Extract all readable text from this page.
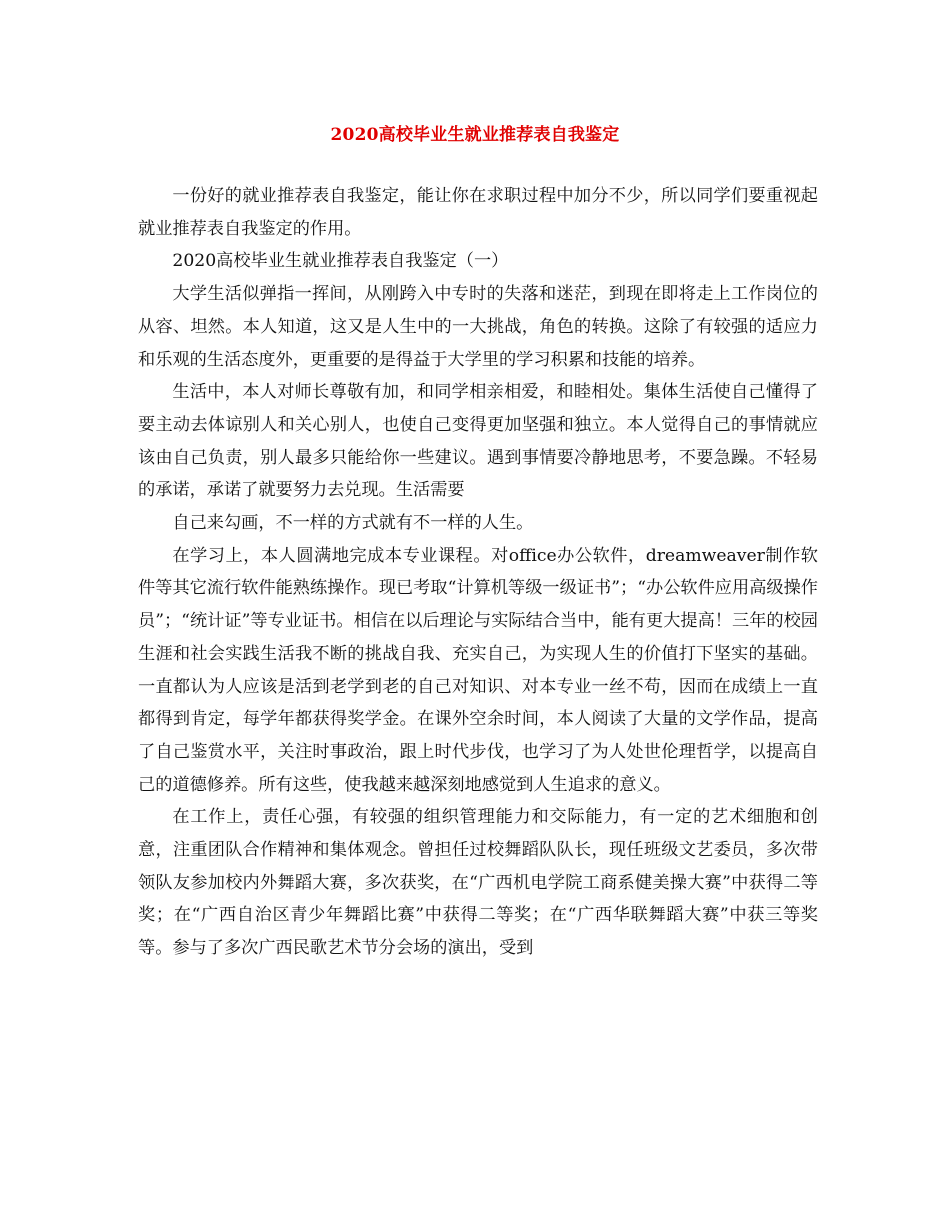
2020高校毕业生就业推荐表自我鉴定

一份好的就业推荐表自我鉴定，能让你在求职过程中加分不少，所以同学们要重视起就业推荐表自我鉴定的作用。

2020高校毕业生就业推荐表自我鉴定（一）

大学生活似弹指一挥间，从刚跨入中专时的失落和迷茫，到现在即将走上工作岗位的从容、坦然。本人知道，这又是人生中的一大挑战，角色的转换。这除了有较强的适应力和乐观的生活态度外，更重要的是得益于大学里的学习积累和技能的培养。

生活中，本人对师长尊敬有加，和同学相亲相爱，和睦相处。集体生活使自己懂得了要主动去体谅别人和关心别人，也使自己变得更加坚强和独立。本人觉得自己的事情就应该由自己负责，别人最多只能给你一些建议。遇到事情要冷静地思考，不要急躁。不轻易的承诺，承诺了就要努力去兑现。生活需要

自己来勾画，不一样的方式就有不一样的人生。

在学习上，本人圆满地完成本专业课程。对office办公软件，dreamweaver制作软件等其它流行软件能熟练操作。现已考取“计算机等级一级证书”；“办公软件应用高级操作员”；“统计证”等专业证书。相信在以后理论与实际结合当中，能有更大提高！三年的校园生涯和社会实践生活我不断的挑战自我、充实自己，为实现人生的价值打下坚实的基础。一直都认为人应该是活到老学到老的自己对知识、对本专业一丝不苟，因而在成绩上一直都得到肯定，每学年都获得奖学金。在课外空余时间，本人阅读了大量的文学作品，提高了自己鉴赏水平，关注时事政治，跟上时代步伐，也学习了为人处世伦理哲学，以提高自己的道德修养。所有这些，使我越来越深刻地感觉到人生追求的意义。

在工作上，责任心强，有较强的组织管理能力和交际能力，有一定的艺术细胞和创意，注重团队合作精神和集体观念。曾担任过校舞蹈队队长，现任班级文艺委员，多次带领队友参加校内外舞蹈大赛，多次获奖，在“广西机电学院工商系健美操大赛”中获得二等奖；在“广西自治区青少年舞蹈比赛”中获得二等奖；在“广西华联舞蹈大赛”中获三等奖等。参与了多次广西民歌艺术节分会场的演出，受到
